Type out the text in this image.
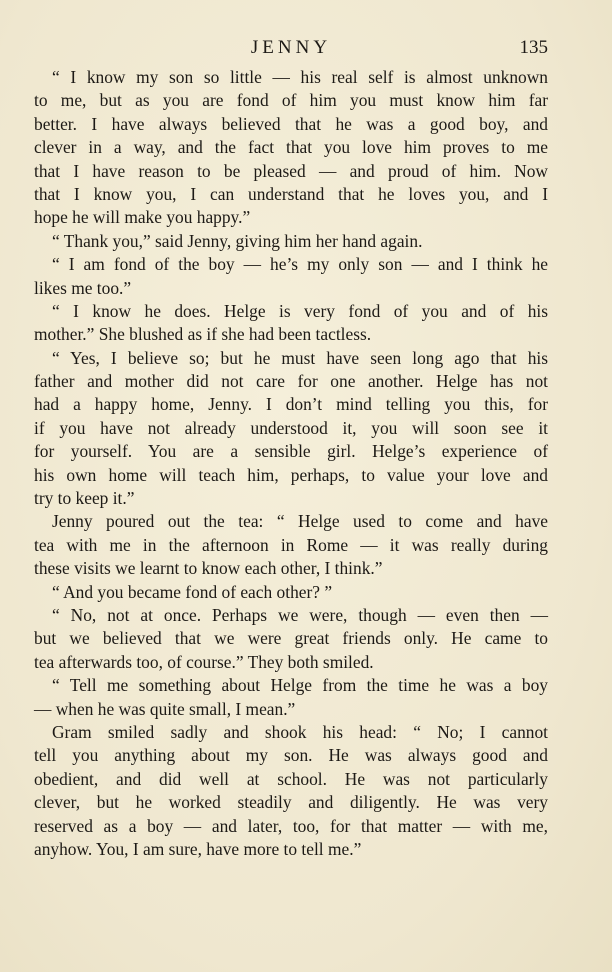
JENNY	135
“ I know my son so little — his real self is almost unknown
to me, but as you are fond of him you must know him far
better. I have always believed that he was a good boy, and
clever in a way, and the fact that you love him proves to me
that I have reason to be pleased — and proud of him. Now
that I know you, I can understand that he loves you, and I
hope he will make you happy.”
“ Thank you,” said Jenny, giving him her hand again.
“ I am fond of the boy — he’s my only son — and I think he
likes me too.”
“ I know he does. Helge is very fond of you and of his
mother.” She blushed as if she had been tactless.
“ Yes, I believe so; but he must have seen long ago that his
father and mother did not care for one another. Helge has not
had a happy home, Jenny. I don’t mind telling you this, for
if you have not already understood it, you will soon see it
for yourself. You are a sensible girl. Helge’s experience of
his own home will teach him, perhaps, to value your love and
try to keep it.”
Jenny poured out the tea: “ Helge used to come and have
tea with me in the afternoon in Rome — it was really during
these visits we learnt to know each other, I think.”
“ And you became fond of each other? ”
“ No, not at once. Perhaps we were, though — even then —
but we believed that we were great friends only. He came to
tea afterwards too, of course.” They both smiled.
“ Tell me something about Helge from the time he was a boy
— when he was quite small, I mean.”
Gram smiled sadly and shook his head: “ No; I cannot
tell you anything about my son. He was always good and
obedient, and did well at school. He was not particularly
clever, but he worked steadily and diligently. He was very
reserved as a boy — and later, too, for that matter — with me,
anyhow. You, I am sure, have more to tell me.”
